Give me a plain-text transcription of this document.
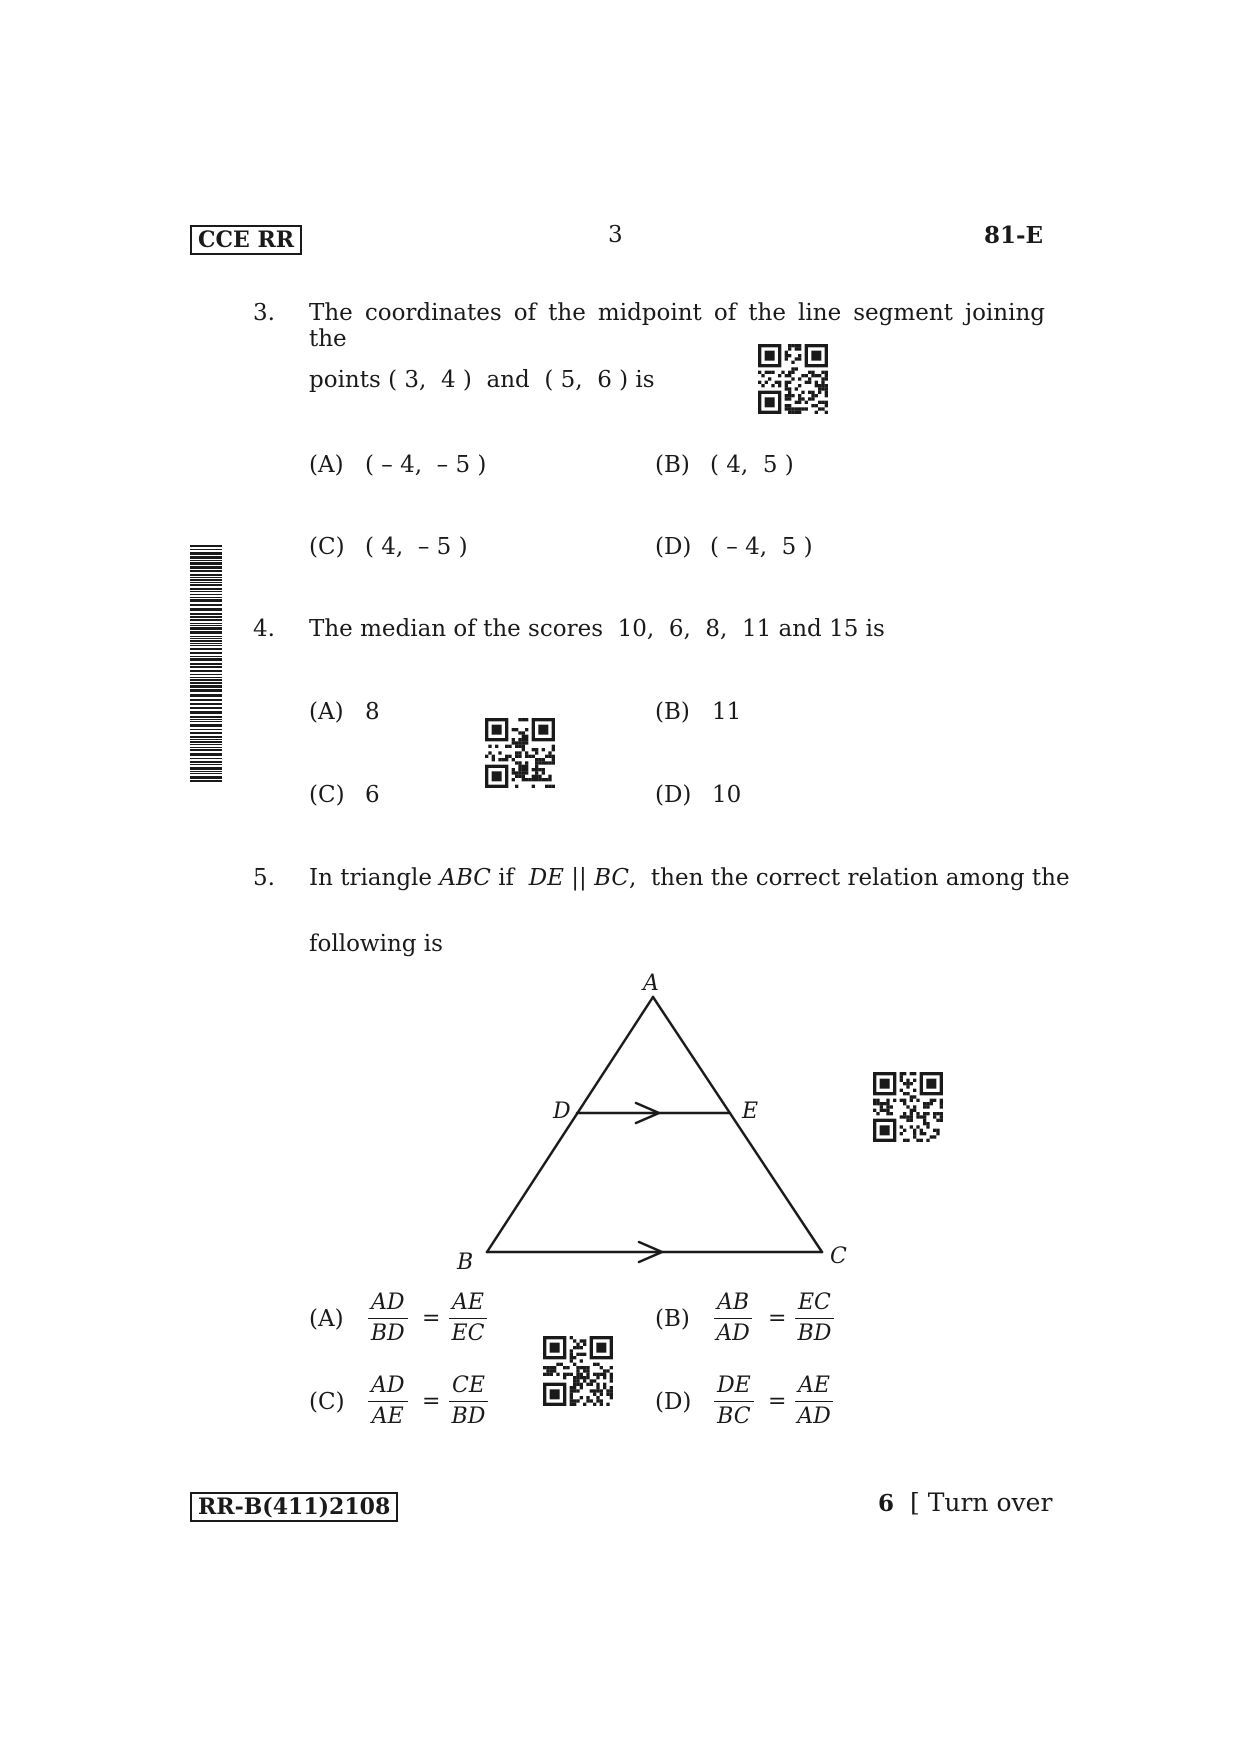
CCE RR	3	81-E
3. The coordinates of the midpoint of the line segment joining the
points ( 3,  4 )  and  ( 5,  6 ) is
(A) ( – 4,  – 5 )	(B) ( 4,  5 )
(C) ( 4,  – 5 )	(D) ( – 4,  5 )
4. The median of the scores  10,  6,  8,  11 and 15 is
(A) 8	(B) 11
(C) 6	(D) 10
5. In triangle ABC if  DE || BC,  then the correct relation among the
following is
A
B	C
D	E
$(A) \frac{AD}{BD} = \frac{AE}{EC}$	$(B) \frac{AB}{AD} = \frac{EC}{BD}$
$(C) \frac{AD}{AE} = \frac{CE}{BD}$	$(D) \frac{DE}{BC} = \frac{AE}{AD}$
RR-B(411)2108	6 [ Turn over
